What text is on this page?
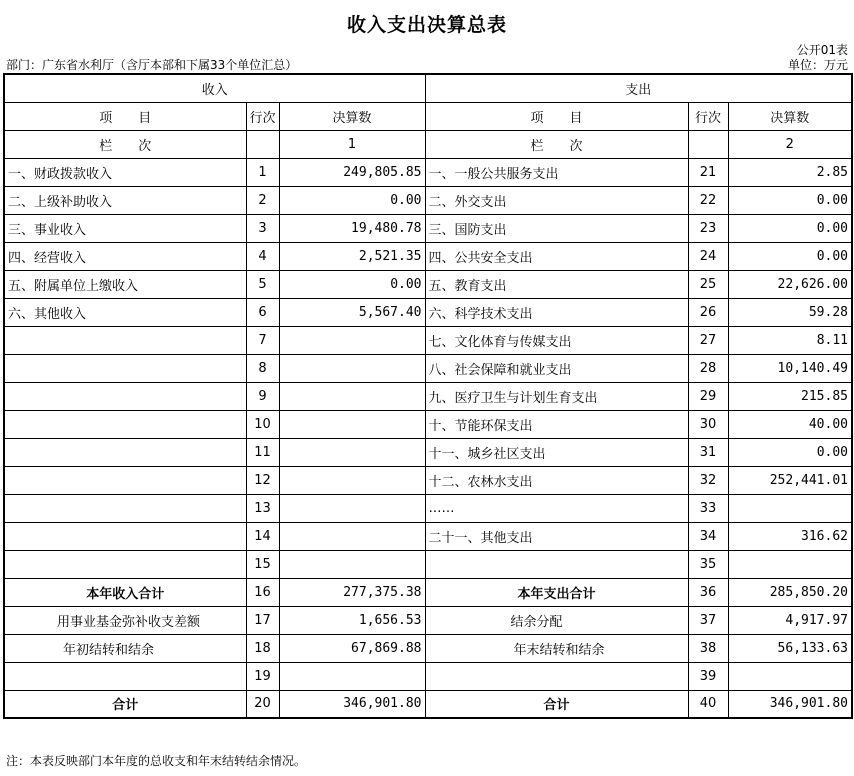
收入支出决算总表
公开01表
部门：广东省水利厅（含厅本部和下属33个单位汇总）	单位：万元
收入			支出		
项　　目	行次	决算数	项　　目	行次	决算数
栏　　次		1	栏　　次		2
一、财政拨款收入	1	249,805.85	一、一般公共服务支出	21	2.85
二、上级补助收入	2	0.00	二、外交支出	22	0.00
三、事业收入	3	19,480.78	三、国防支出	23	0.00
四、经营收入	4	2,521.35	四、公共安全支出	24	0.00
五、附属单位上缴收入	5	0.00	五、教育支出	25	22,626.00
六、其他收入	6	5,567.40	六、科学技术支出	26	59.28
	7		七、文化体育与传媒支出	27	8.11
	8		八、社会保障和就业支出	28	10,140.49
	9		九、医疗卫生与计划生育支出	29	215.85
	10		十、节能环保支出	30	40.00
	11		十一、城乡社区支出	31	0.00
	12		十二、农林水支出	32	252,441.01
	13		……	33	
	14		二十一、其他支出	34	316.62
	15			35	
本年收入合计	16	277,375.38	本年支出合计	36	285,850.20
用事业基金弥补收支差额	17	1,656.53	结余分配	37	4,917.97
年初结转和结余	18	67,869.88	年末结转和结余	38	56,133.63
	19			39	
合计	20	346,901.80	合计	40	346,901.80
注：本表反映部门本年度的总收支和年末结转结余情况。
